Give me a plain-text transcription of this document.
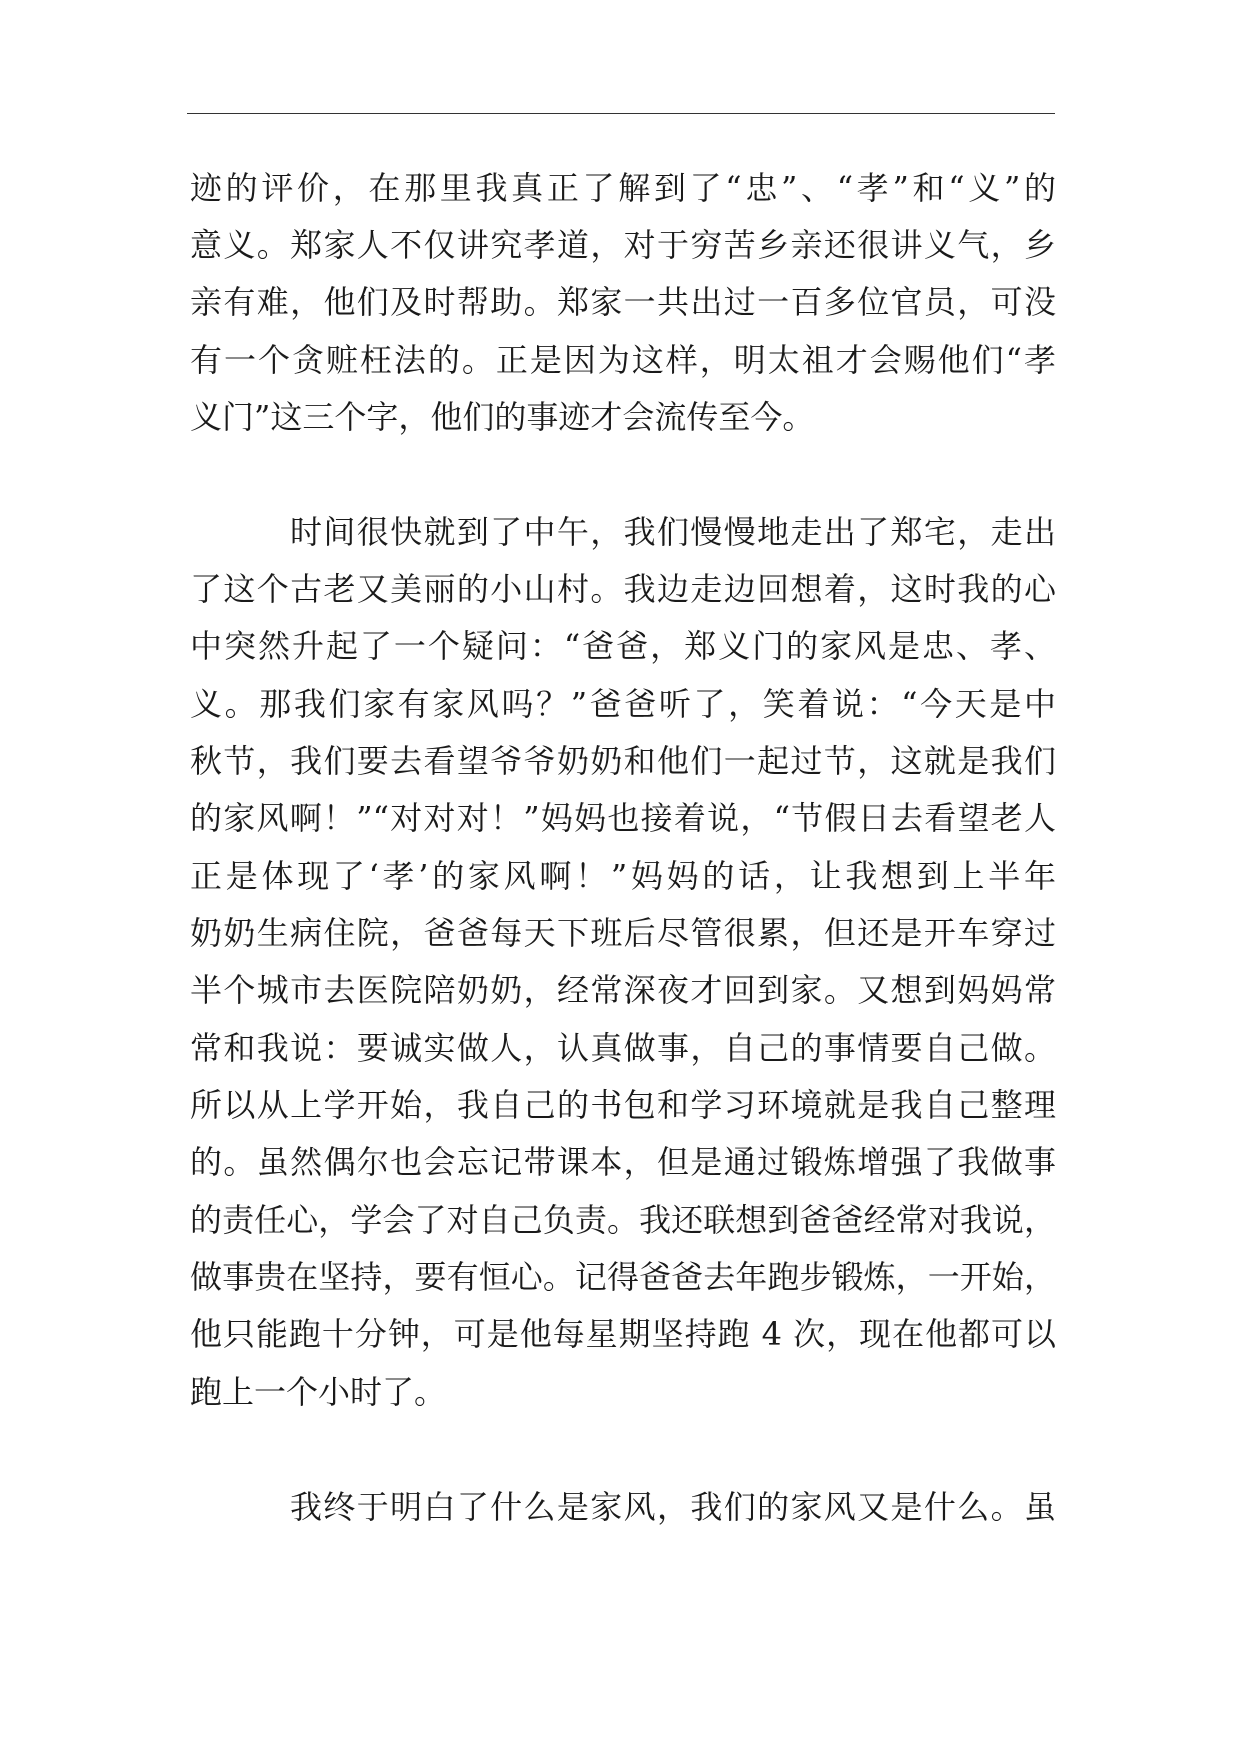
迹的评价，在那里我真正了解到了“忠”、“孝”和“义”的
意义。郑家人不仅讲究孝道，对于穷苦乡亲还很讲义气，乡
亲有难，他们及时帮助。郑家一共出过一百多位官员，可没
有一个贪赃枉法的。正是因为这样，明太祖才会赐他们“孝
义门”这三个字，他们的事迹才会流传至今。
时间很快就到了中午，我们慢慢地走出了郑宅，走出
了这个古老又美丽的小山村。我边走边回想着，这时我的心
中突然升起了一个疑问：“爸爸，郑义门的家风是忠、孝、
义。那我们家有家风吗？”爸爸听了，笑着说：“今天是中
秋节，我们要去看望爷爷奶奶和他们一起过节，这就是我们
的家风啊！”“对对对！”妈妈也接着说，“节假日去看望老人
正是体现了‘孝’的家风啊！”妈妈的话，让我想到上半年
奶奶生病住院，爸爸每天下班后尽管很累，但还是开车穿过
半个城市去医院陪奶奶，经常深夜才回到家。又想到妈妈常
常和我说：要诚实做人，认真做事，自己的事情要自己做。
所以从上学开始，我自己的书包和学习环境就是我自己整理
的。虽然偶尔也会忘记带课本，但是通过锻炼增强了我做事
的责任心，学会了对自己负责。我还联想到爸爸经常对我说，
做事贵在坚持，要有恒心。记得爸爸去年跑步锻炼，一开始，
他只能跑十分钟，可是他每星期坚持跑 4 次，现在他都可以
跑上一个小时了。
我终于明白了什么是家风，我们的家风又是什么。虽
